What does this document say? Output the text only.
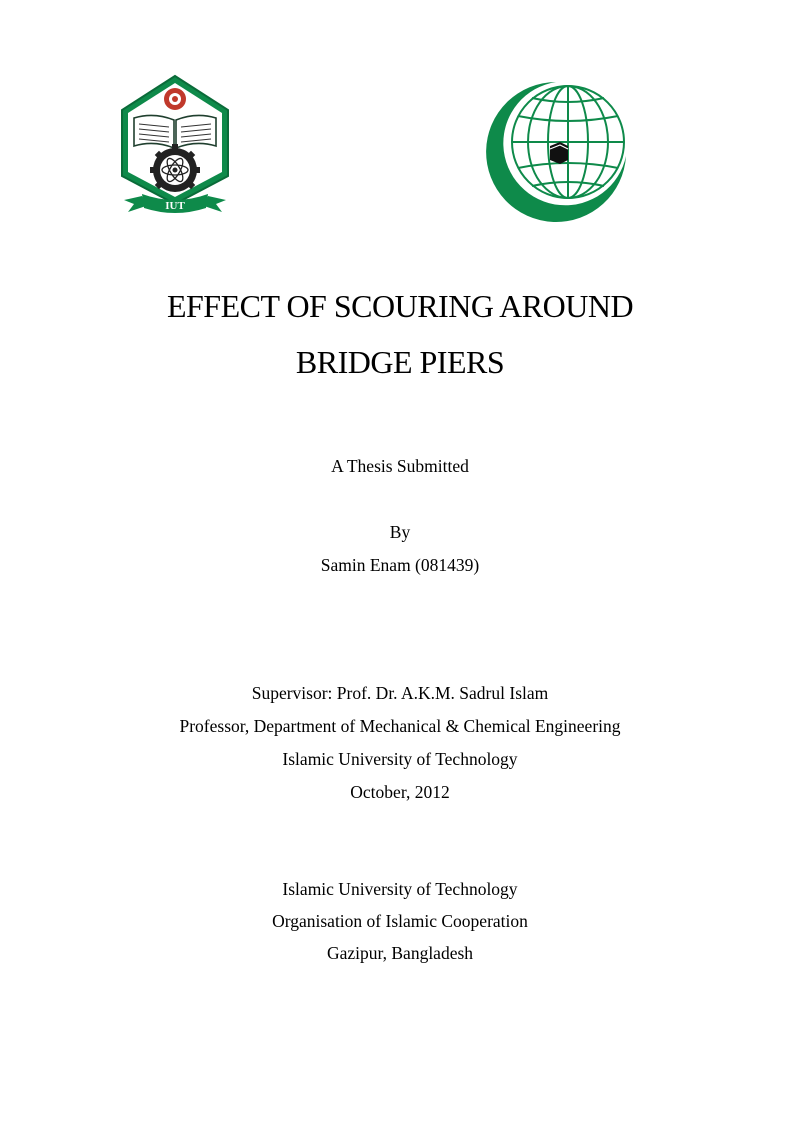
IUT
EFFECT OF SCOURING AROUND
BRIDGE PIERS
A Thesis Submitted
By
Samin Enam (081439)
Supervisor: Prof. Dr. A.K.M. Sadrul Islam
Professor, Department of Mechanical & Chemical Engineering
Islamic University of Technology
October, 2012
Islamic University of Technology
Organisation of Islamic Cooperation
Gazipur, Bangladesh
